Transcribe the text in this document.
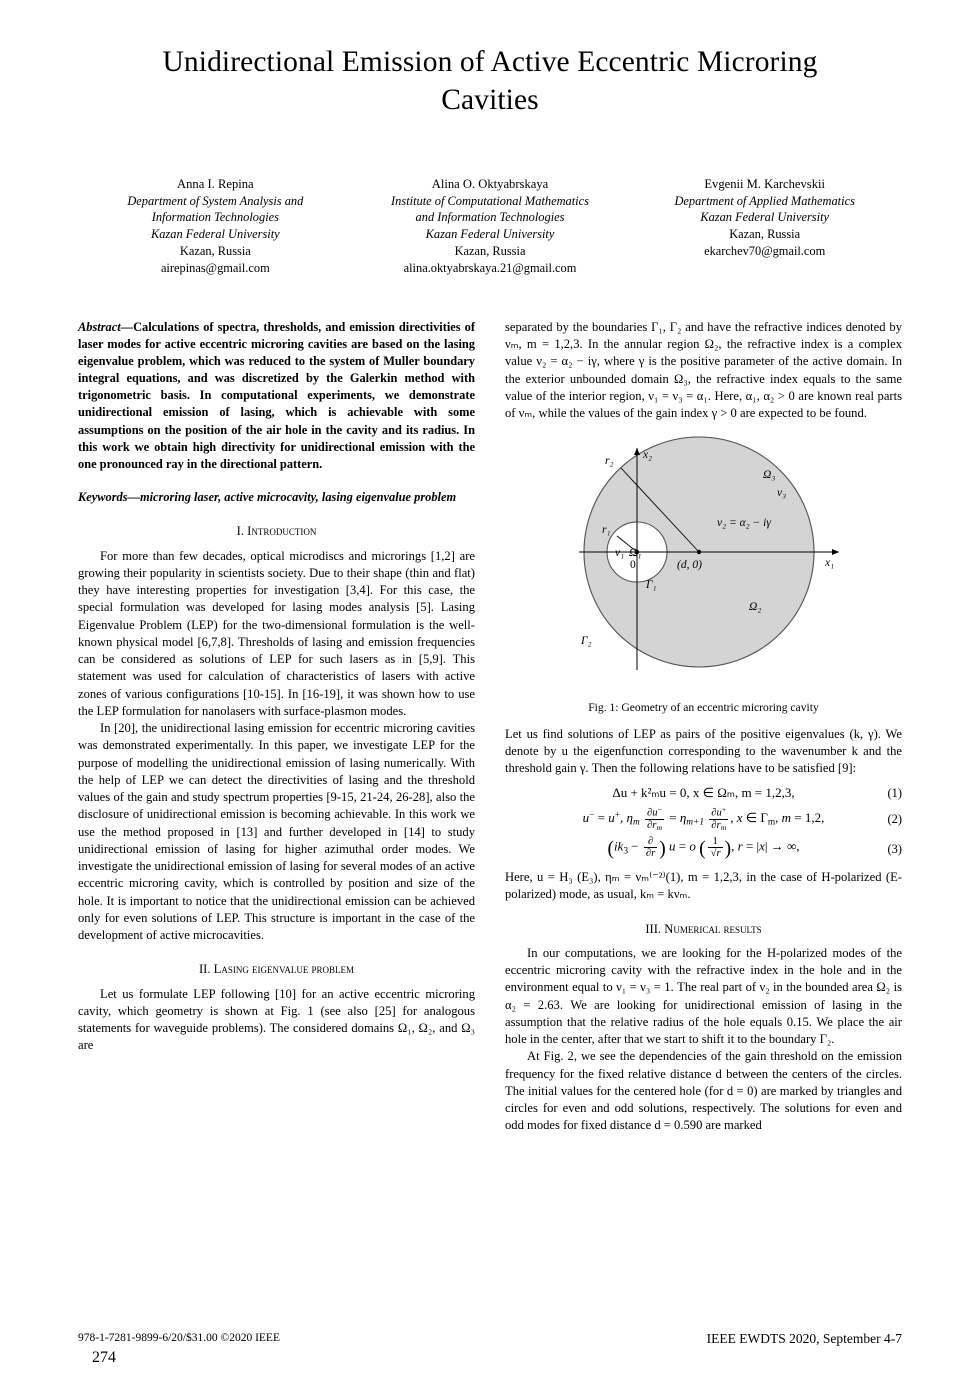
Unidirectional Emission of Active Eccentric Microring Cavities
Anna I. Repina
Department of System Analysis and
Information Technologies
Kazan Federal University
Kazan, Russia
airepinas@gmail.com
Alina O. Oktyabrskaya
Institute of Computational Mathematics
and Information Technologies
Kazan Federal University
Kazan, Russia
alina.oktyabrskaya.21@gmail.com
Evgenii M. Karchevskii
Department of Applied Mathematics
Kazan Federal University
Kazan, Russia
ekarchev70@gmail.com

Abstract—Calculations of spectra, thresholds, and emission directivities of laser modes for active eccentric microring cavities are based on the lasing eigenvalue problem, which was reduced to the system of Muller boundary integral equations, and was discretized by the Galerkin method with trigonometric basis. In computational experiments, we demonstrate unidirectional emission of lasing, which is achievable with some assumptions on the position of the air hole in the cavity and its radius. In this work we obtain high directivity for unidirectional emission with the one pronounced ray in the directional pattern.

Keywords—microring laser, active microcavity, lasing eigenvalue problem

I. Introduction

For more than few decades, optical microdiscs and microrings [1,2] are growing their popularity in scientists society. Due to their shape (thin and flat) they have interesting properties for investigation [3,4]. For this case, the special formulation was developed for lasing modes analysis [5]. Lasing Eigenvalue Problem (LEP) for the two-dimensional formulation is the well-known physical model [6,7,8]. Thresholds of lasing and emission frequencies can be considered as solutions of LEP for such lasers as in [5,9]. This statement was used for calculation of characteristics of lasers with active zones of various configurations [10-15]. In [16-19], it was shown how to use the LEP formulation for nanolasers with surface-plasmon modes.

In [20], the unidirectional lasing emission for eccentric microring cavities was demonstrated experimentally. In this paper, we investigate LEP for the purpose of modelling the unidirectional emission of lasing numerically. With the help of LEP we can detect the directivities of lasing and the threshold values of the gain and study spectrum properties [9-15, 21-24, 26-28], also the disclosure of unidirectional emission is becoming achievable. In this work we use the method proposed in [13] and further developed in [14] to study unidirectional emission of lasing for higher azimuthal order modes. We investigate the unidirectional emission of lasing for several modes of an active eccentric microring cavity, which is controlled by position and size of the hole. It is important to notice that the unidirectional emission can be achieved only for even solutions of LEP. This structure is important in the case of the development of active microcavities.

II. Lasing eigenvalue problem

Let us formulate LEP following [10] for an active eccentric microring cavity, which geometry is shown at Fig. 1 (see also [25] for analogous statements for waveguide problems). The considered domains Ω₁, Ω₂, and Ω₃ are

separated by the boundaries Γ₁, Γ₂ and have the refractive indices denoted by νₘ, m = 1,2,3. In the annular region Ω₂, the refractive index is a complex value ν₂ = α₂ − iγ, where γ is the positive parameter of the active domain. In the exterior unbounded domain Ω₃, the refractive index equals to the same value of the interior region, ν₁ = ν₃ = α₁. Here, α₁, α₂ > 0 are known real parts of νₘ, while the values of the gain index γ > 0 are expected to be found.

x₂
x₁
r₂
r₁
Ω₃
ν₃
ν₂ = α₂ − iγ
ν₁ Ω₁
Ω₂
Γ₁
Γ₂
0	(d, 0)
Fig. 1: Geometry of an eccentric microring cavity

Let us find solutions of LEP as pairs of the positive eigenvalues (k, γ). We denote by u the eigenfunction corresponding to the wavenumber k and the threshold gain γ. Then the following relations have to be satisfied [9]:

Δu + k²ₘu = 0, x ∈ Ωₘ, m = 1,2,3,	(1)
u− = u+, $\eta_m \frac{\partial u^-}{\partial r_m} = \eta_{m+1} \frac{\partial u^+}{\partial r_m}$ , x ∈ $\Gamma_m$, m = 1,2,	(2)
($ik_3 - \frac{\partial}{\partial r}$ ) u = o ( $\frac{1}{√r}$ ), r = |x| → ∞,	(3)

Here, u = H₃ (E₃), ηₘ = νₘ⁽⁻²⁾(1), m = 1,2,3, in the case of H-polarized (E-polarized) mode, as usual, kₘ = kνₘ.

III. Numerical results

In our computations, we are looking for the H-polarized modes of the eccentric microring cavity with the refractive index in the hole and in the environment equal to ν₁ = ν₃ = 1. The real part of ν₂ in the bounded area Ω₂ is α₂ = 2.63. We are looking for unidirectional emission of lasing in the assumption that the relative radius of the hole equals 0.15. We place the air hole in the center, after that we start to shift it to the boundary Γ₂.

At Fig. 2, we see the dependencies of the gain threshold on the emission frequency for the fixed relative distance d between the centers of the circles. The initial values for the centered hole (for d = 0) are marked by triangles and circles for even and odd solutions, respectively. The solutions for even and odd modes for fixed distance d = 0.590 are marked

978-1-7281-9899-6/20/$31.00 ©2020 IEEE	IEEE EWDTS 2020, September 4-7
274
